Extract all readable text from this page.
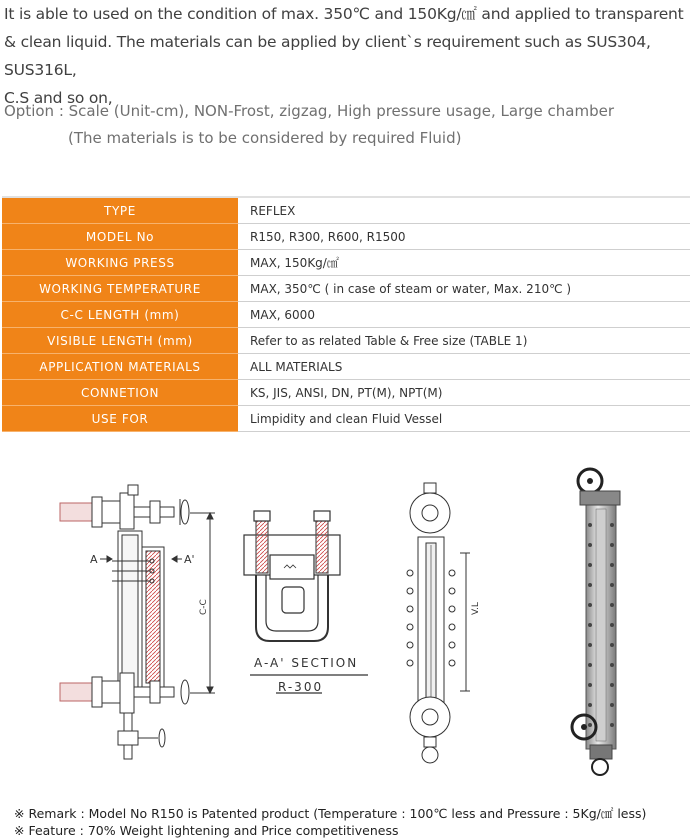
It is able to used on the condition of max. 350℃ and 150Kg/㎠ and applied to transparent
& clean liquid. The materials can be applied by client`s requirement such as SUS304, SUS316L,
C.S and so on,
Option : Scale (Unit-cm), NON-Frost, zigzag, High pressure usage, Large chamber
(The materials is to be considered by required Fluid)
TYPE	REFLEX
MODEL No	R150, R300, R600, R1500
WORKING PRESS	MAX, 150Kg/㎠
WORKING TEMPERATURE	MAX, 350℃ ( in case of steam or water, Max. 210℃ )
C-C LENGTH (mm)	MAX, 6000
VISIBLE LENGTH (mm)	Refer to as related Table & Free size (TABLE 1)
APPLICATION MATERIALS	ALL MATERIALS
CONNETION	KS, JIS, ANSI, DN, PT(M), NPT(M)
USE FOR	Limpidity and clean Fluid Vessel
A	A'
C-C
A-A' SECTION
R-300
V.L
※ Remark : Model No R150 is Patented product (Temperature : 100℃ less and Pressure : 5Kg/㎠ less)
※ Feature : 70% Weight lightening and Price competitiveness
